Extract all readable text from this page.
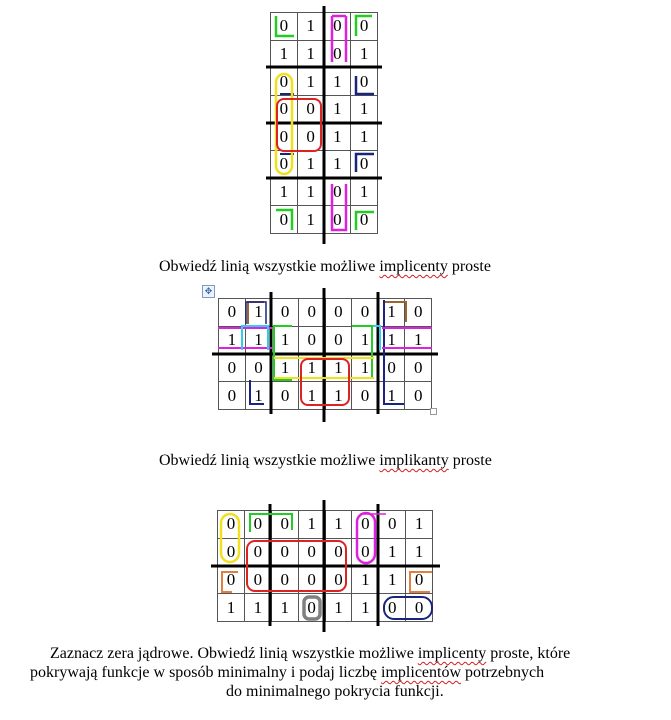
0	1	0	0
1	1	0	1
0	1	1	0
0	0	1	1
0	0	1	1
0	1	1	0
1	1	0	1
0	1	0	0
Obwiedź linią wszystkie możliwe implicenty proste
✥
0	1	0	0	0	0	1	0
1	1	1	0	0	1	1	1
0	0	1	1	1	1	0	0
0	1	0	1	1	0	1	0
Obwiedź linią wszystkie możliwe implikanty proste
0	0	0	1	1	0	0	1
0	0	0	0	0	0	1	1
0	0	0	0	0	1	1	0
1	1	1	0	1	1	0	0
Zaznacz zera jądrowe. Obwiedź linią wszystkie możliwe implicenty proste, które
pokrywają funkcje w sposób minimalny i podaj liczbę implicentów potrzebnych
do minimalnego pokrycia funkcji.
